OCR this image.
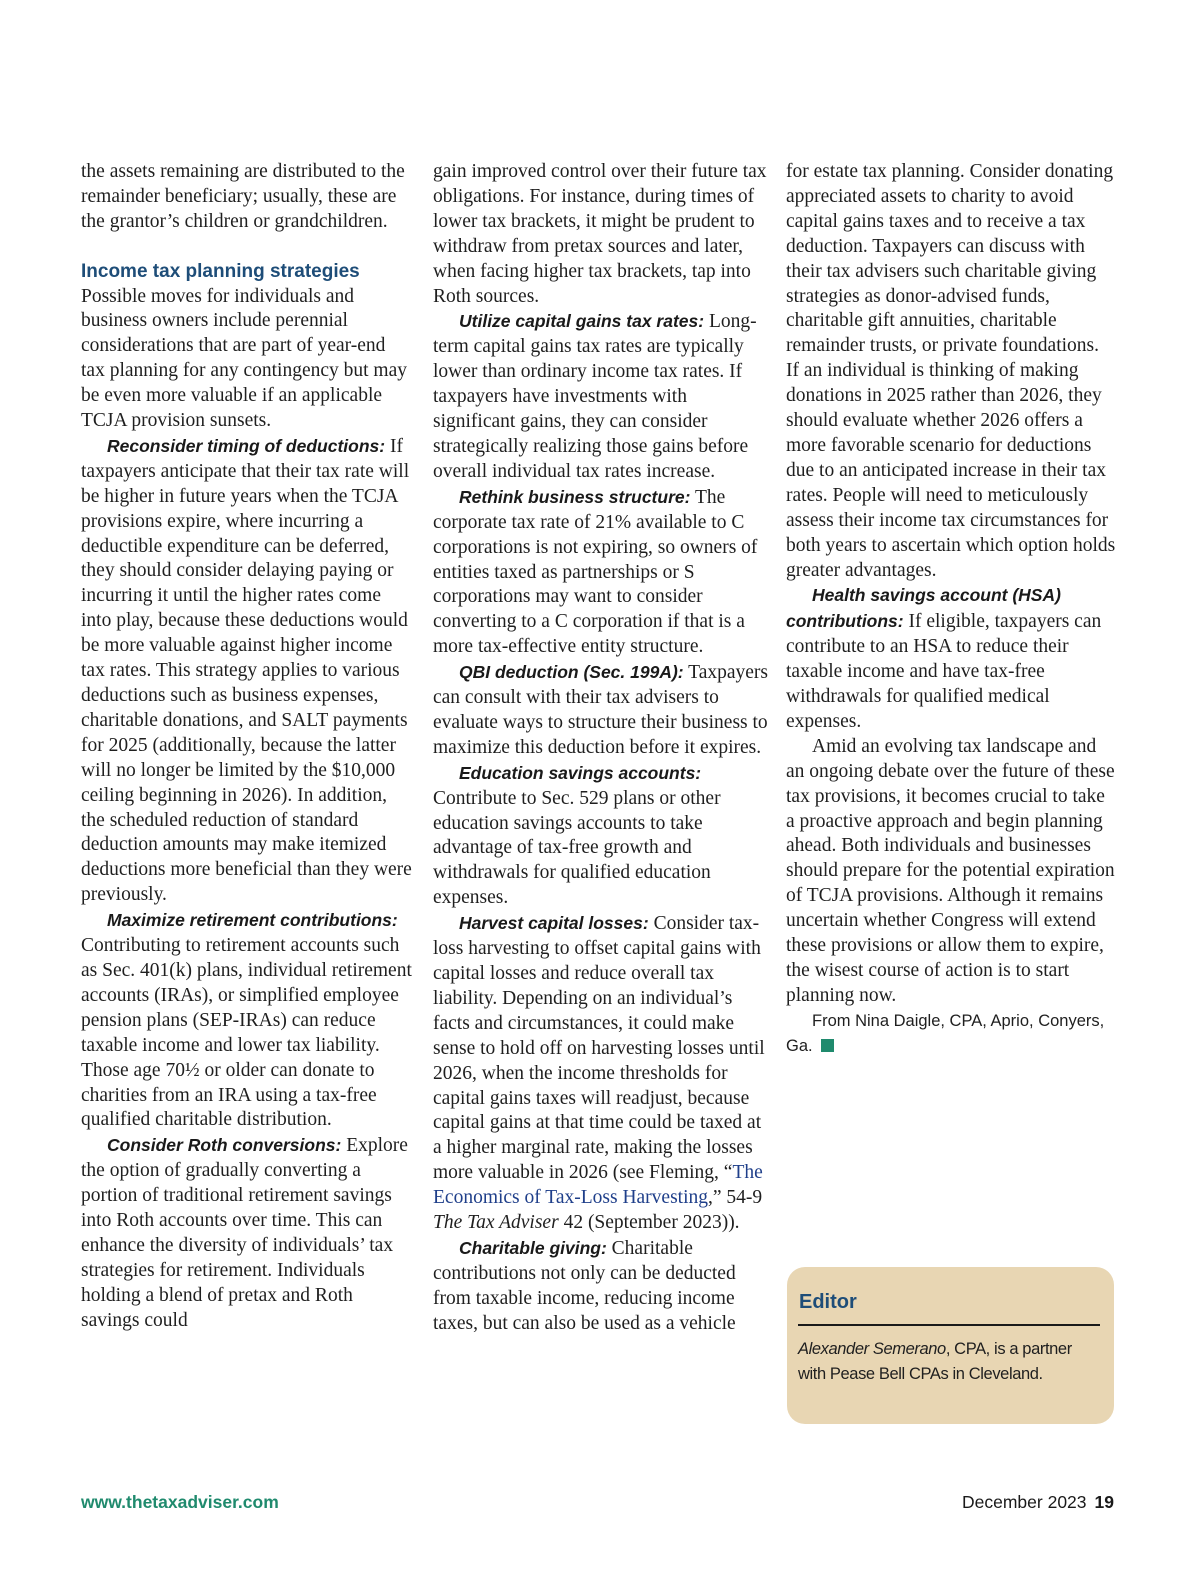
the assets remaining are distributed to the remainder beneficiary; usually, these are the grantor’s children or grandchildren.

Income tax planning strategies

Possible moves for individuals and business owners include perennial considerations that are part of year-end tax planning for any contingency but may be even more valuable if an applicable TCJA provision sunsets.

Reconsider timing of deductions: If taxpayers anticipate that their tax rate will be higher in future years when the TCJA provisions expire, where incurring a deductible expenditure can be deferred, they should consider delaying paying or incurring it until the higher rates come into play, because these deductions would be more valuable against higher income tax rates. This strategy applies to various deductions such as business expenses, charitable donations, and SALT payments for 2025 (additionally, because the latter will no longer be limited by the $10,000 ceiling beginning in 2026). In addition, the scheduled reduction of standard deduction amounts may make itemized deductions more beneficial than they were previously.

Maximize retirement contributions: Contributing to retirement accounts such as Sec. 401(k) plans, individual retirement accounts (IRAs), or simplified employee pension plans (SEP-IRAs) can reduce taxable income and lower tax liability. Those age 70½ or older can donate to charities from an IRA using a tax-free qualified charitable distribution.

Consider Roth conversions: Explore the option of gradually converting a portion of traditional retirement savings into Roth accounts over time. This can enhance the diversity of individuals’ tax strategies for retirement. Individuals holding a blend of pretax and Roth savings could

gain improved control over their future tax obligations. For instance, during times of lower tax brackets, it might be prudent to withdraw from pretax sources and later, when facing higher tax brackets, tap into Roth sources.

Utilize capital gains tax rates: Long-term capital gains tax rates are typically lower than ordinary income tax rates. If taxpayers have investments with significant gains, they can consider strategically realizing those gains before overall individual tax rates increase.

Rethink business structure: The corporate tax rate of 21% available to C corporations is not expiring, so owners of entities taxed as partnerships or S corporations may want to consider converting to a C corporation if that is a more tax-effective entity structure.

QBI deduction (Sec. 199A): Taxpayers can consult with their tax advisers to evaluate ways to structure their business to maximize this deduction before it expires.

Education savings accounts: Contribute to Sec. 529 plans or other education savings accounts to take advantage of tax-free growth and withdrawals for qualified education expenses.

Harvest capital losses: Consider tax-loss harvesting to offset capital gains with capital losses and reduce overall tax liability. Depending on an individual’s facts and circumstances, it could make sense to hold off on harvesting losses until 2026, when the income thresholds for capital gains taxes will readjust, because capital gains at that time could be taxed at a higher marginal rate, making the losses more valuable in 2026 (see Fleming, “The Economics of Tax-Loss Harvesting,” 54-9 The Tax Adviser 42 (September 2023)).

Charitable giving: Charitable contributions not only can be deducted from taxable income, reducing income taxes, but can also be used as a vehicle

for estate tax planning. Consider donating appreciated assets to charity to avoid capital gains taxes and to receive a tax deduction. Taxpayers can discuss with their tax advisers such charitable giving strategies as donor-advised funds, charitable gift annuities, charitable remainder trusts, or private foundations. If an individual is thinking of making donations in 2025 rather than 2026, they should evaluate whether 2026 offers a more favorable scenario for deductions due to an anticipated increase in their tax rates. People will need to meticulously assess their income tax circumstances for both years to ascertain which option holds greater advantages.

Health savings account (HSA) contributions: If eligible, taxpayers can contribute to an HSA to reduce their taxable income and have tax-free withdrawals for qualified medical expenses.

Amid an evolving tax landscape and an ongoing debate over the future of these tax provisions, it becomes crucial to take a proactive approach and begin planning ahead. Both individuals and businesses should prepare for the potential expiration of TCJA provisions. Although it remains uncertain whether Congress will extend these provisions or allow them to expire, the wisest course of action is to start planning now.

From Nina Daigle, CPA, Aprio, Conyers, Ga.

Editor
Alexander Semerano, CPA, is a partner with Pease Bell CPAs in Cleveland.
www.thetaxadviser.com	December 2023 19
